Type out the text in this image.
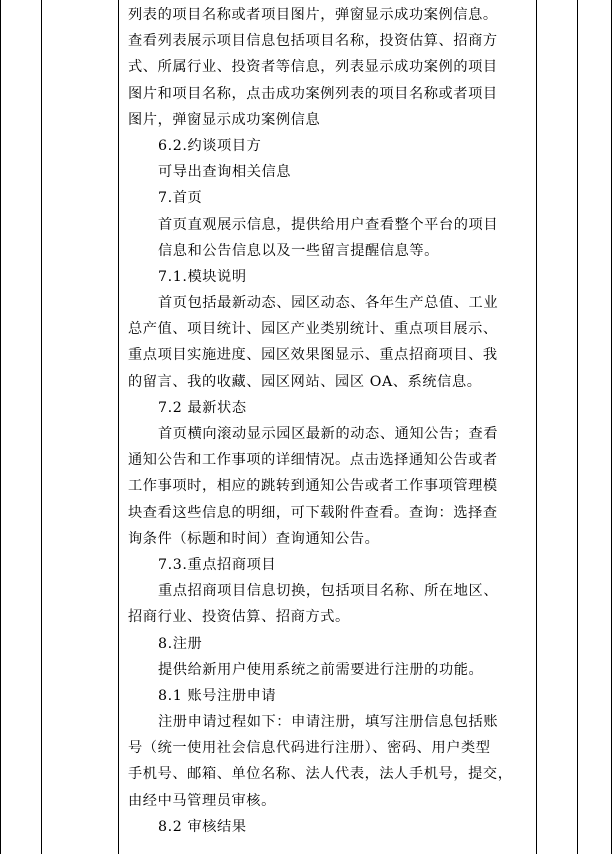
列表的项目名称或者项目图片，弹窗显示成功案例信息。
查看列表展示项目信息包括项目名称，投资估算、招商方
式、所属行业、投资者等信息，列表显示成功案例的项目
图片和项目名称，点击成功案例列表的项目名称或者项目
图片，弹窗显示成功案例信息
6.2.约谈项目方
可导出查询相关信息
7.首页
首页直观展示信息，提供给用户查看整个平台的项目
信息和公告信息以及一些留言提醒信息等。
7.1.模块说明
首页包括最新动态、园区动态、各年生产总值、工业
总产值、项目统计、园区产业类别统计、重点项目展示、
重点项目实施进度、园区效果图显示、重点招商项目、我
的留言、我的收藏、园区网站、园区 OA、系统信息。
7.2 最新状态
首页横向滚动显示园区最新的动态、通知公告；查看
通知公告和工作事项的详细情况。点击选择通知公告或者
工作事项时，相应的跳转到通知公告或者工作事项管理模
块查看这些信息的明细，可下载附件查看。查询：选择查
询条件（标题和时间）查询通知公告。
7.3.重点招商项目
重点招商项目信息切换，包括项目名称、所在地区、
招商行业、投资估算、招商方式。
8.注册
提供给新用户使用系统之前需要进行注册的功能。
8.1 账号注册申请
注册申请过程如下：申请注册，填写注册信息包括账
号（统一使用社会信息代码进行注册）、密码、用户类型
手机号、邮箱、单位名称、法人代表，法人手机号，提交，
由经中马管理员审核。
8.2 审核结果
